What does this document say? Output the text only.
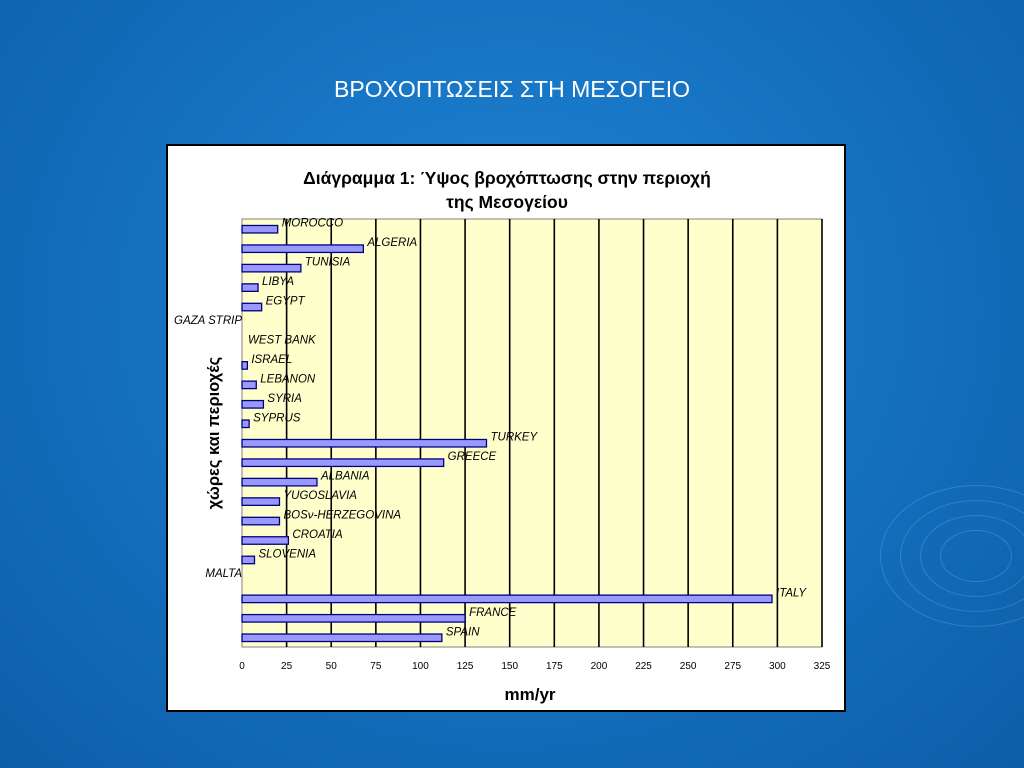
ΒΡΟΧΟΠΤΩΣΕΙΣ ΣΤΗ ΜΕΣΟΓΕΙΟ
Διάγραμμα 1: Ύψος βροχόπτωσης στην περιοχή
της Μεσογείου
MOROCCO
ALGERIA
TUNISIA
LIBYA
EGYPT
GAZA STRIP
WEST BANK
ISRAEL
LEBANON
SYRIA
SYPRUS
TURKEY
GREECE
ALBANIA
YUGOSLAVIA
BOSν-HERZEGOVINA
CROATIA
SLOVENIA
MALTA
ITALY
FRANCE
SPAIN
0	25	50	75	100	125	150	175	200	225	250	275	300	325
mm/yr
χώρες και περιοχές
